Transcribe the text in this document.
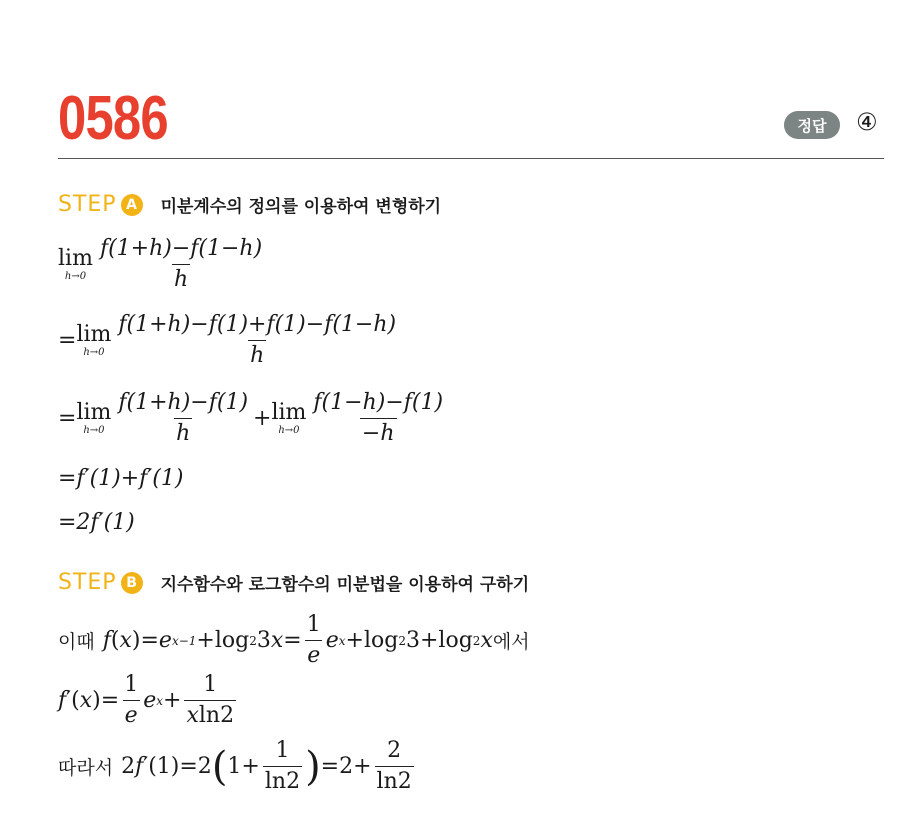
0586	정답	④
STEP A	미분계수의 정의를 이용하여 변형하기
lim
$h\to 0 \frac{f(1+h)-f(1-h)}{h}$
= lim
$h\to 0 \frac{f(1+h)-f(1)+f(1)-f(1-h)}{h}$
= lim
$h\to 0 \frac{f(1+h)-f(1)}{h} + \lim$
$h\to 0 \frac{f(1-h)-f(1)}{-h}$
=f′(1)+f′(1)
=2f′(1)
STEP B	지수함수와 로그함수의 미분법을 이용하여 구하기
이때 f ( x )= e x−1 +log 2 3 $x = \frac{1}{e}$ e x +log 2 3+log 2 x 에서
f ′( x )= $\frac{1}{e}$ e $x + \frac{1}{xln2}$
따라서 2f′(1)=2 ( $1+ \frac{1}{\ln 2}$ ) $=2+ \frac{2}{\ln 2}$
